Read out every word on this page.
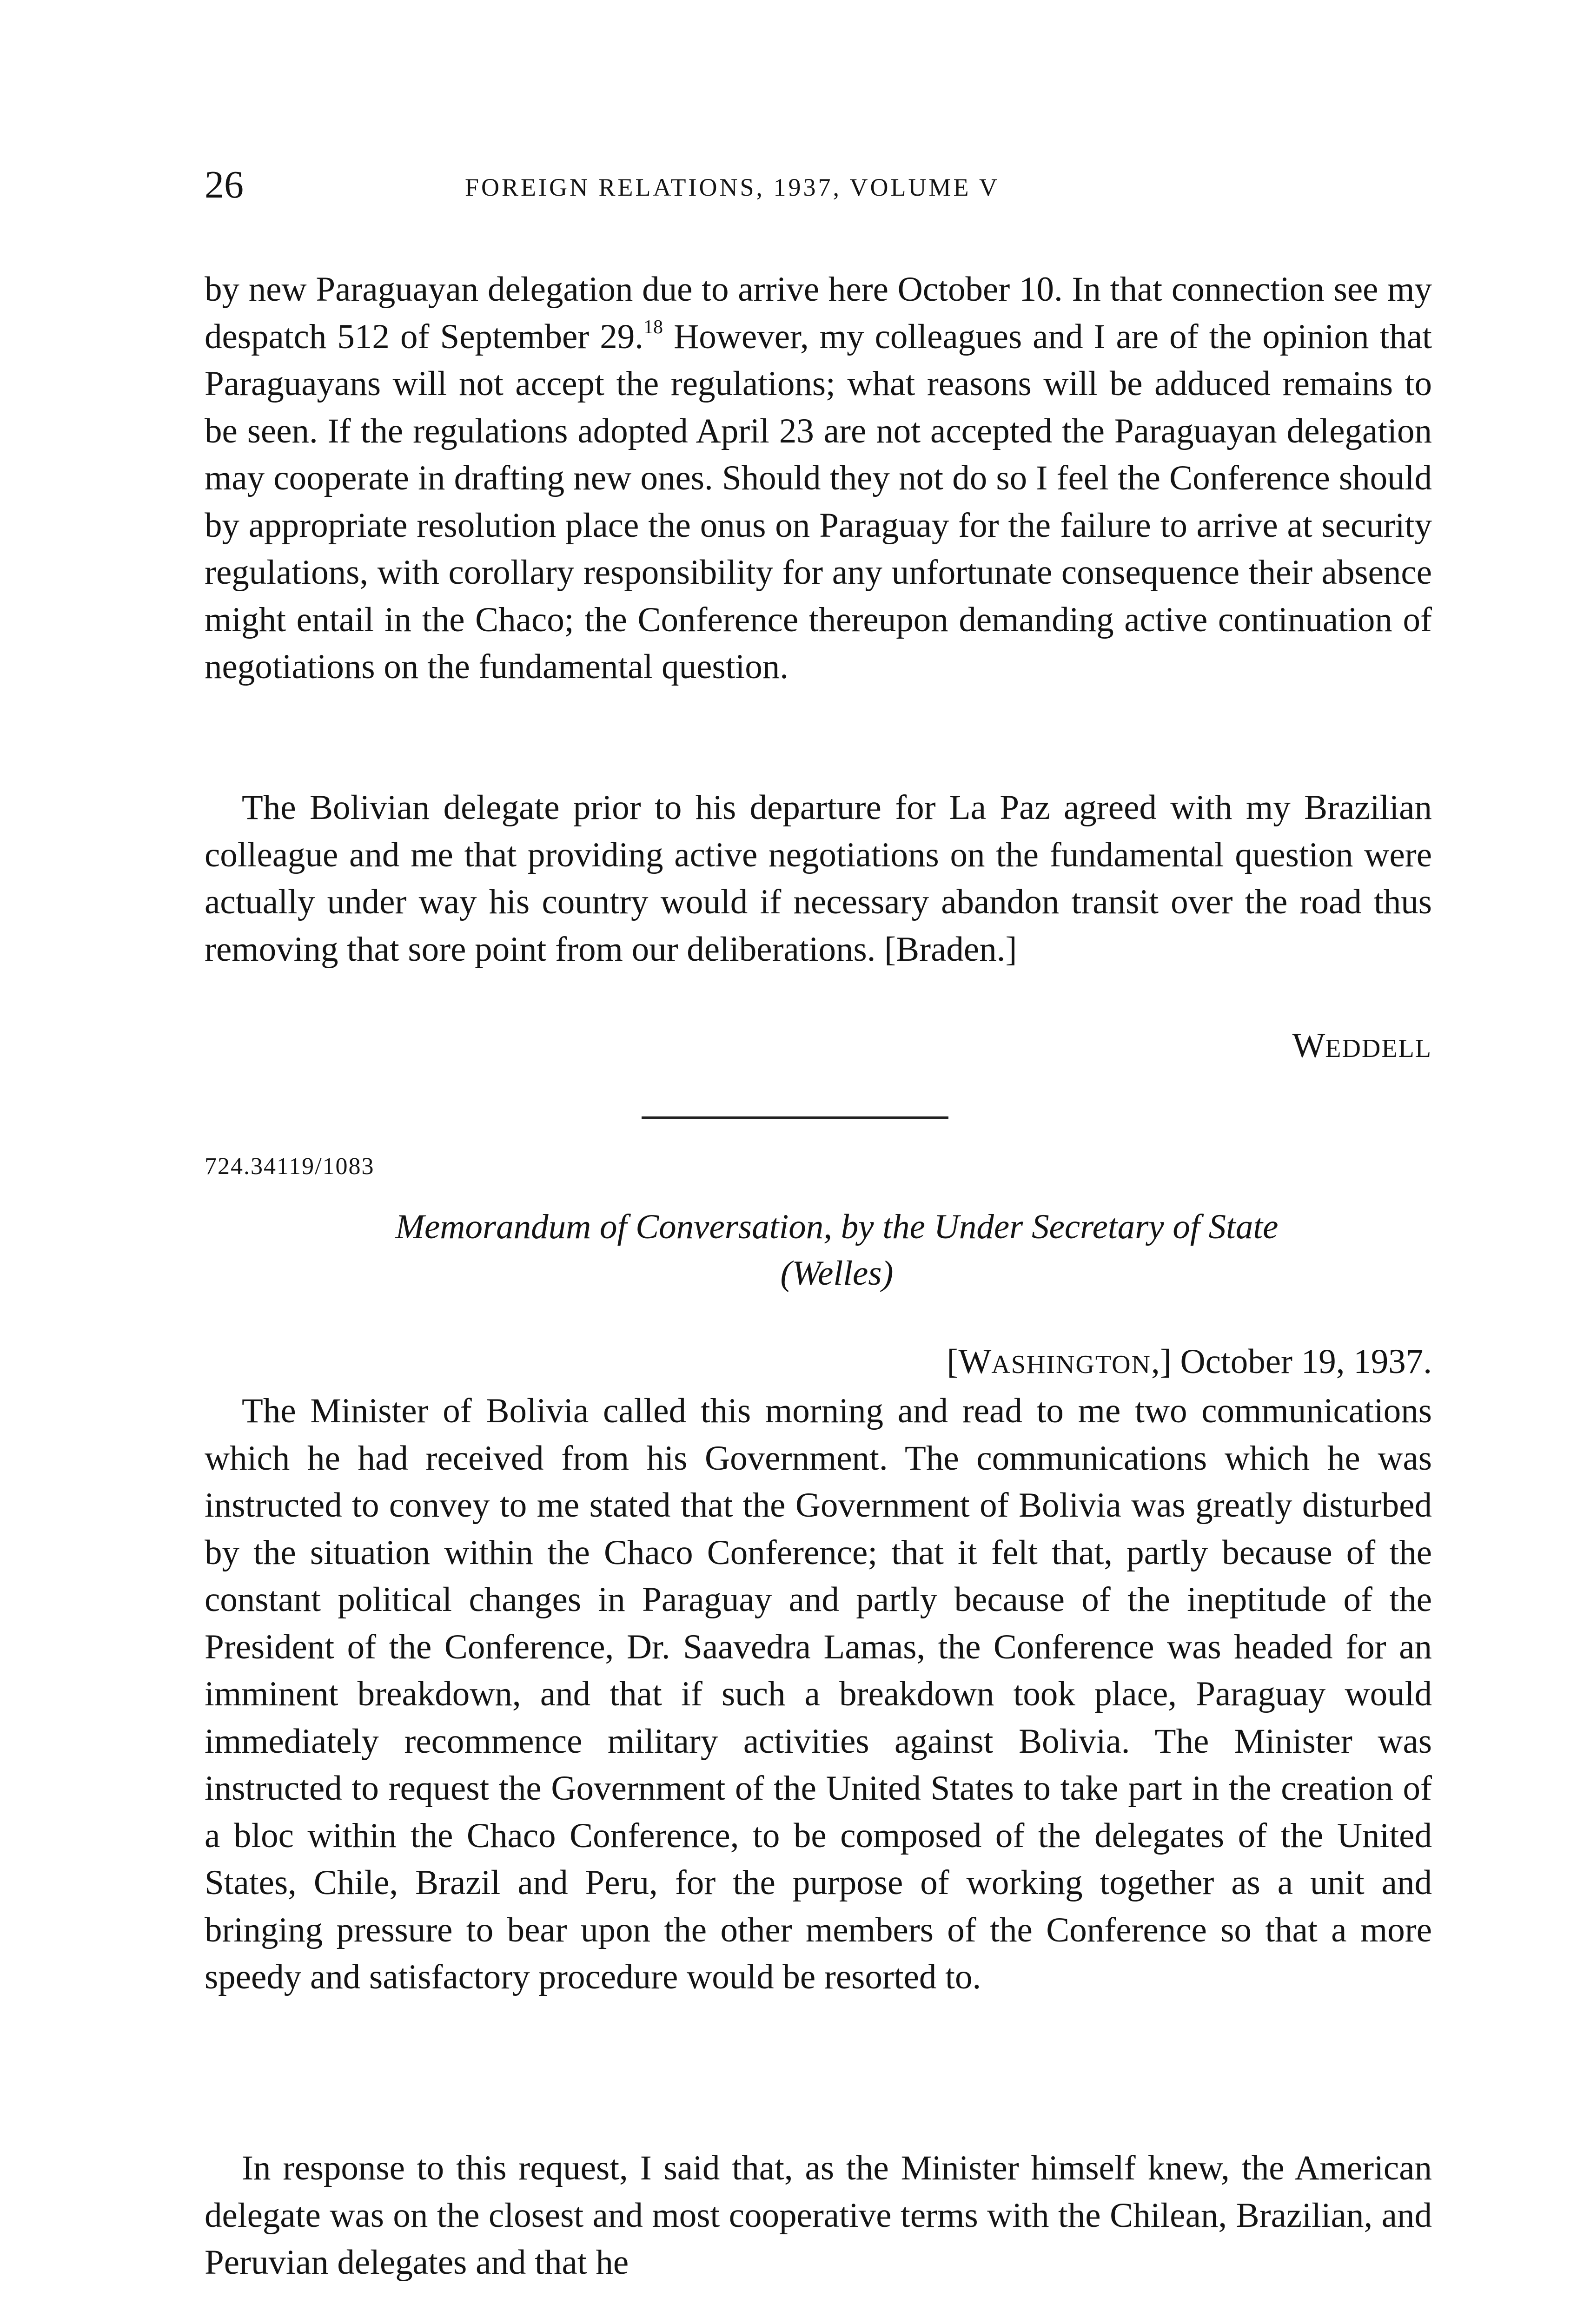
26	FOREIGN RELATIONS, 1937, VOLUME V

by new Paraguayan delegation due to arrive here October 10. In that connection see my despatch 512 of September 29.18 However, my colleagues and I are of the opinion that Paraguayans will not accept the regulations; what reasons will be adduced remains to be seen. If the regulations adopted April 23 are not accepted the Paraguayan delegation may cooperate in drafting new ones. Should they not do so I feel the Conference should by appropriate resolution place the onus on Paraguay for the failure to arrive at security regulations, with corollary responsibility for any unfortunate consequence their absence might entail in the Chaco; the Conference thereupon demanding active continuation of negotiations on the fundamental question.

The Bolivian delegate prior to his departure for La Paz agreed with my Brazilian colleague and me that providing active negotiations on the fundamental question were actually under way his country would if necessary abandon transit over the road thus removing that sore point from our deliberations. [Braden.]

WEDDELL
724.34119/1083
Memorandum of Conversation, by the Under Secretary of State
(Welles)
[WASHINGTON,] October 19, 1937.

The Minister of Bolivia called this morning and read to me two communications which he had received from his Government. The communications which he was instructed to convey to me stated that the Government of Bolivia was greatly disturbed by the situation within the Chaco Conference; that it felt that, partly because of the constant political changes in Paraguay and partly because of the ineptitude of the President of the Conference, Dr. Saavedra Lamas, the Conference was headed for an imminent breakdown, and that if such a breakdown took place, Paraguay would immediately recommence military activities against Bolivia. The Minister was instructed to request the Government of the United States to take part in the creation of a bloc within the Chaco Conference, to be composed of the delegates of the United States, Chile, Brazil and Peru, for the purpose of working together as a unit and bringing pressure to bear upon the other members of the Conference so that a more speedy and satisfactory procedure would be resorted to.

In response to this request, I said that, as the Minister himself knew, the American delegate was on the closest and most cooperative terms with the Chilean, Brazilian, and Peruvian delegates and that he
